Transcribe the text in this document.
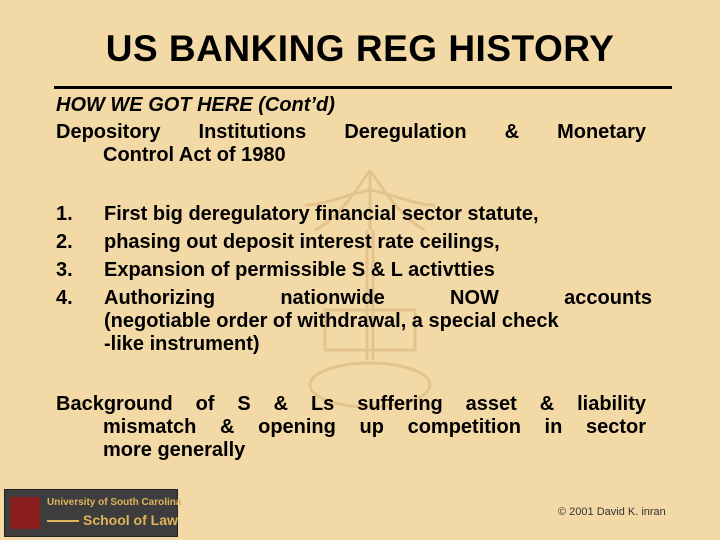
US BANKING REG HISTORY
HOW WE GOT HERE (Cont’d)
Depository Institutions Deregulation & Monetary
Control Act of 1980
1.	First big deregulatory financial sector statute,
2.	phasing out deposit interest rate ceilings,
3.	Expansion of permissible S & L activtties
4.	Authorizing nationwide NOW accounts
(negotiable order of withdrawal, a special check
-like instrument)
Background of S & Ls suffering asset & liability
mismatch & opening up competition in sector
more generally
University of South Carolina
School of Law	© 2001 David K. inran
